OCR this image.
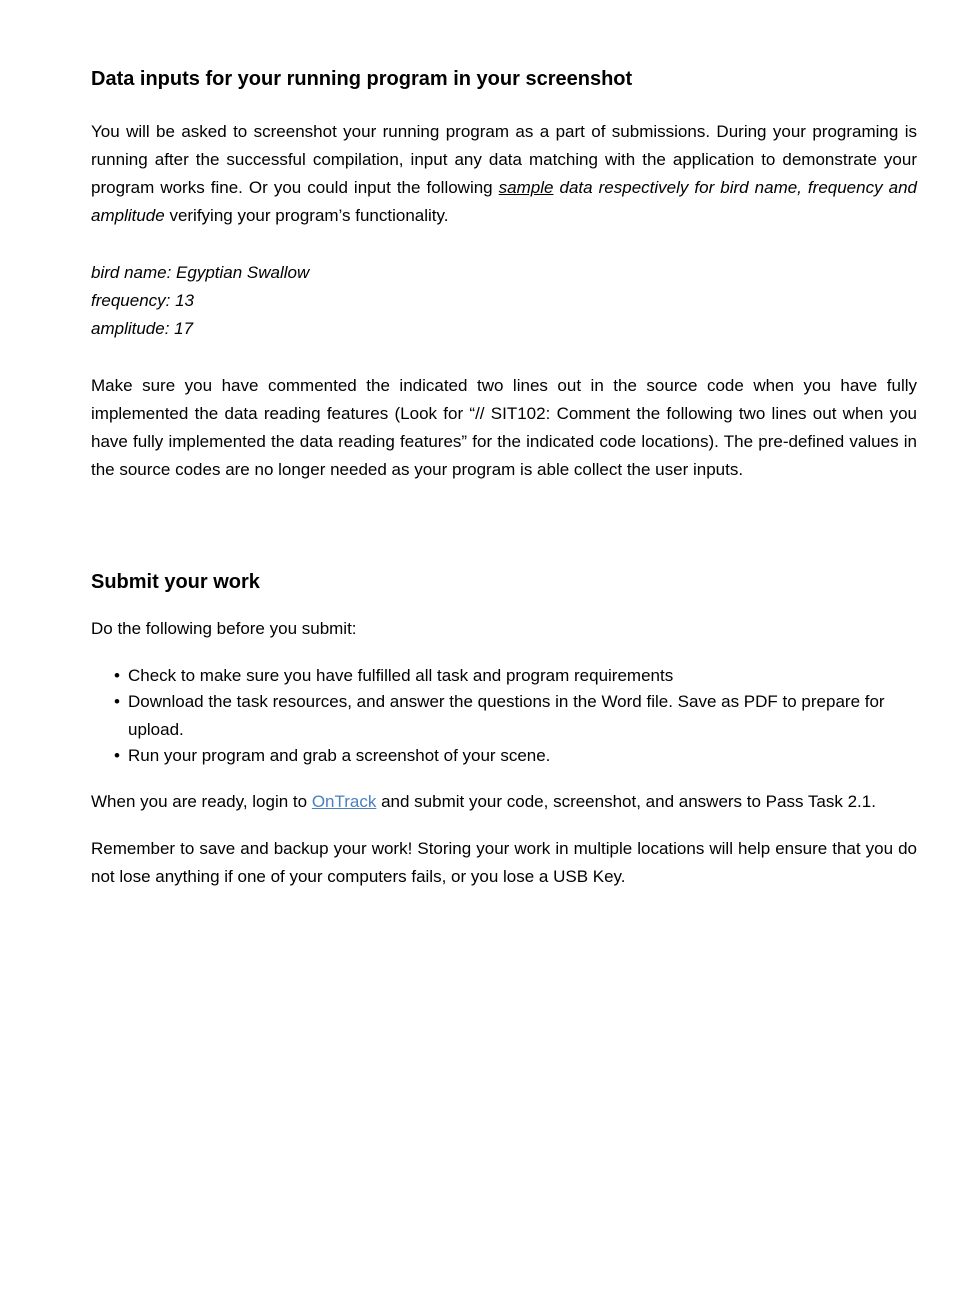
Data inputs for your running program in your screenshot

You will be asked to screenshot your running program as a part of submissions. During your programing is running after the successful compilation, input any data matching with the application to demonstrate your program works fine. Or you could input the following sample data respectively for bird name, frequency and amplitude verifying your program’s functionality.

bird name: Egyptian Swallow

frequency: 13

amplitude: 17

Make sure you have commented the indicated two lines out in the source code when you have fully implemented the data reading features (Look for “// SIT102: Comment the following two lines out when you have fully implemented the data reading features” for the indicated code locations). The pre-defined values in the source codes are no longer needed as your program is able collect the user inputs.

Submit your work

Do the following before you submit:

• Check to make sure you have fulfilled all task and program requirements
• Download the task resources, and answer the questions in the Word file. Save as PDF to prepare for upload.
• Run your program and grab a screenshot of your scene.

When you are ready, login to OnTrack and submit your code, screenshot, and answers to Pass Task 2.1.

Remember to save and backup your work! Storing your work in multiple locations will help ensure that you do not lose anything if one of your computers fails, or you lose a USB Key.
